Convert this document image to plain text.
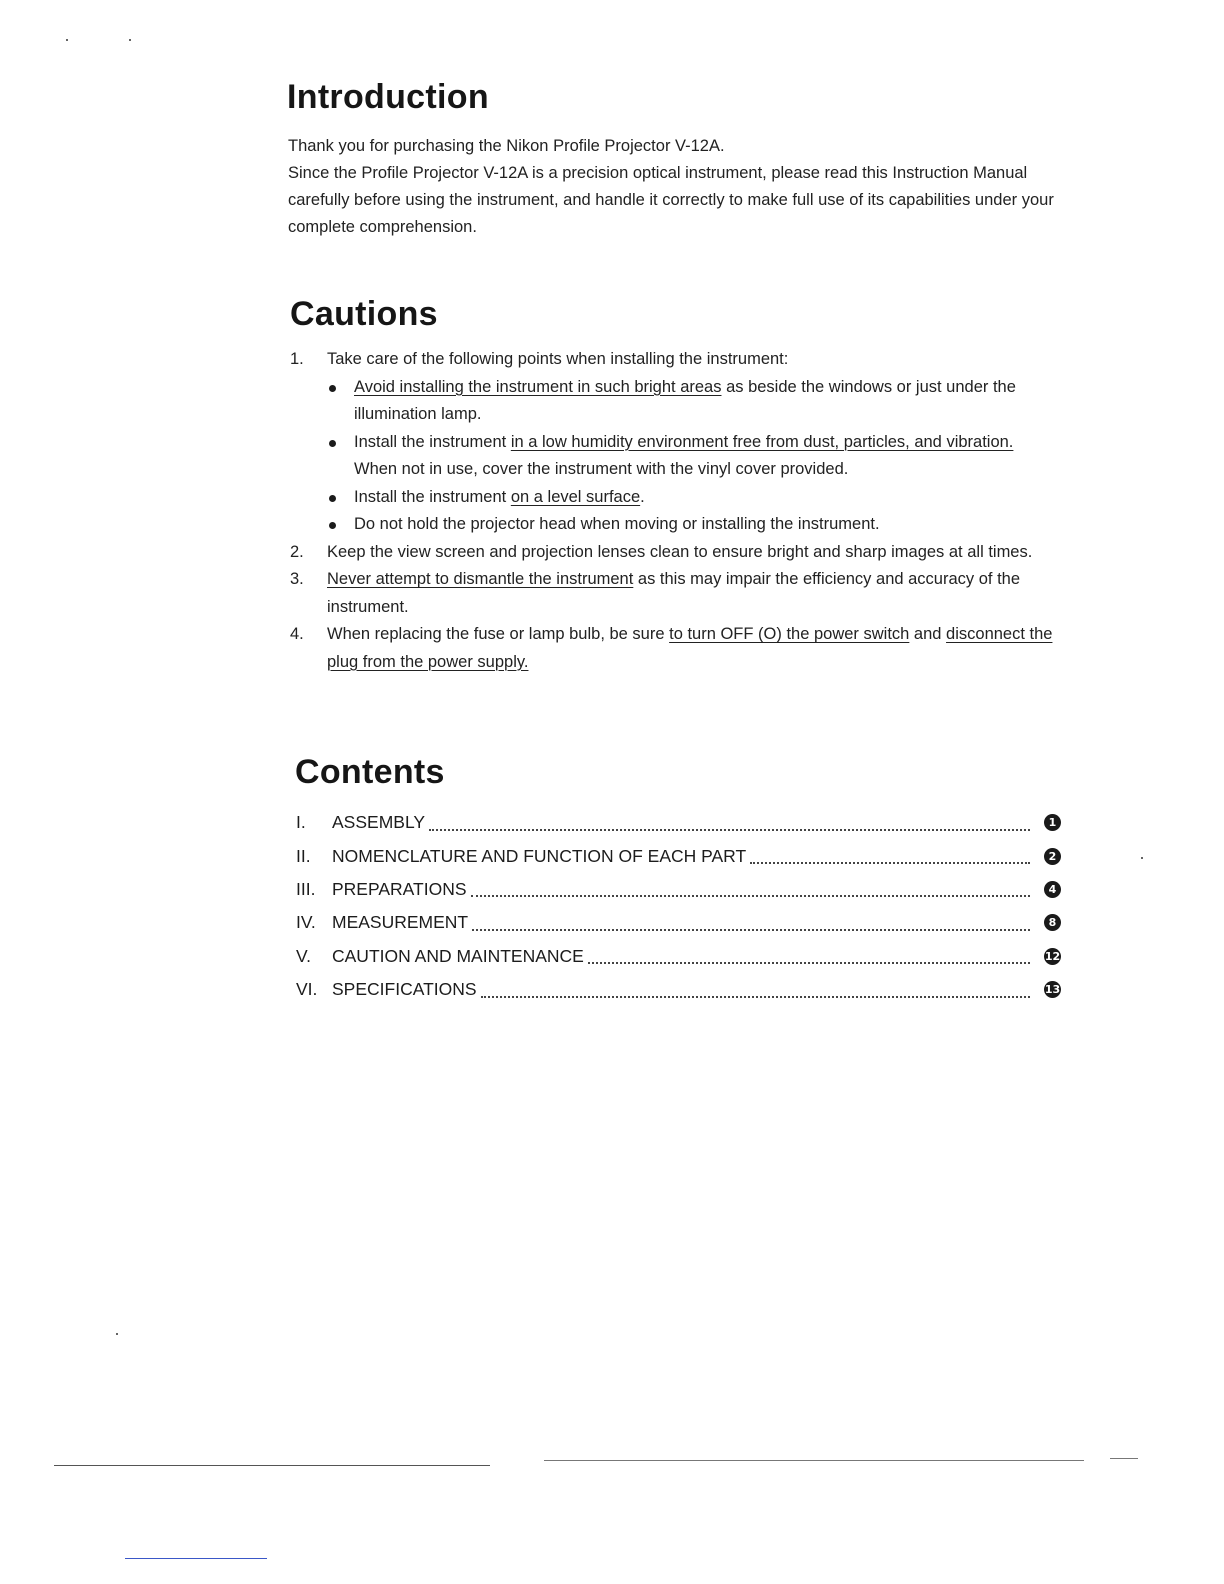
Introduction

Thank you for purchasing the Nikon Profile Projector V-12A.

Since the Profile Projector V-12A is a precision optical instrument, please read this Instruction Manual carefully before using the instrument, and handle it correctly to make full use of its capabilities under your complete comprehension.

Cautions
1. Take care of the following points when installing the instrument:
Avoid installing the instrument in such bright areas as beside the windows or just under the illumination lamp.
Install the instrument in a low humidity environment free from dust, particles, and vibration. When not in use, cover the instrument with the vinyl cover provided.
Install the instrument on a level surface.
Do not hold the projector head when moving or installing the instrument.
2. Keep the view screen and projection lenses clean to ensure bright and sharp images at all times.
3. Never attempt to dismantle the instrument as this may impair the efficiency and accuracy of the instrument.
4. When replacing the fuse or lamp bulb, be sure to turn OFF (O) the power switch and disconnect the plug from the power supply.
Contents
I.	ASSEMBLY	1
II.	NOMENCLATURE AND FUNCTION OF EACH PART	2
III. PREPARATIONS	4
IV. MEASUREMENT	8
V.	CAUTION AND MAINTENANCE	12
VI. SPECIFICATIONS	13
